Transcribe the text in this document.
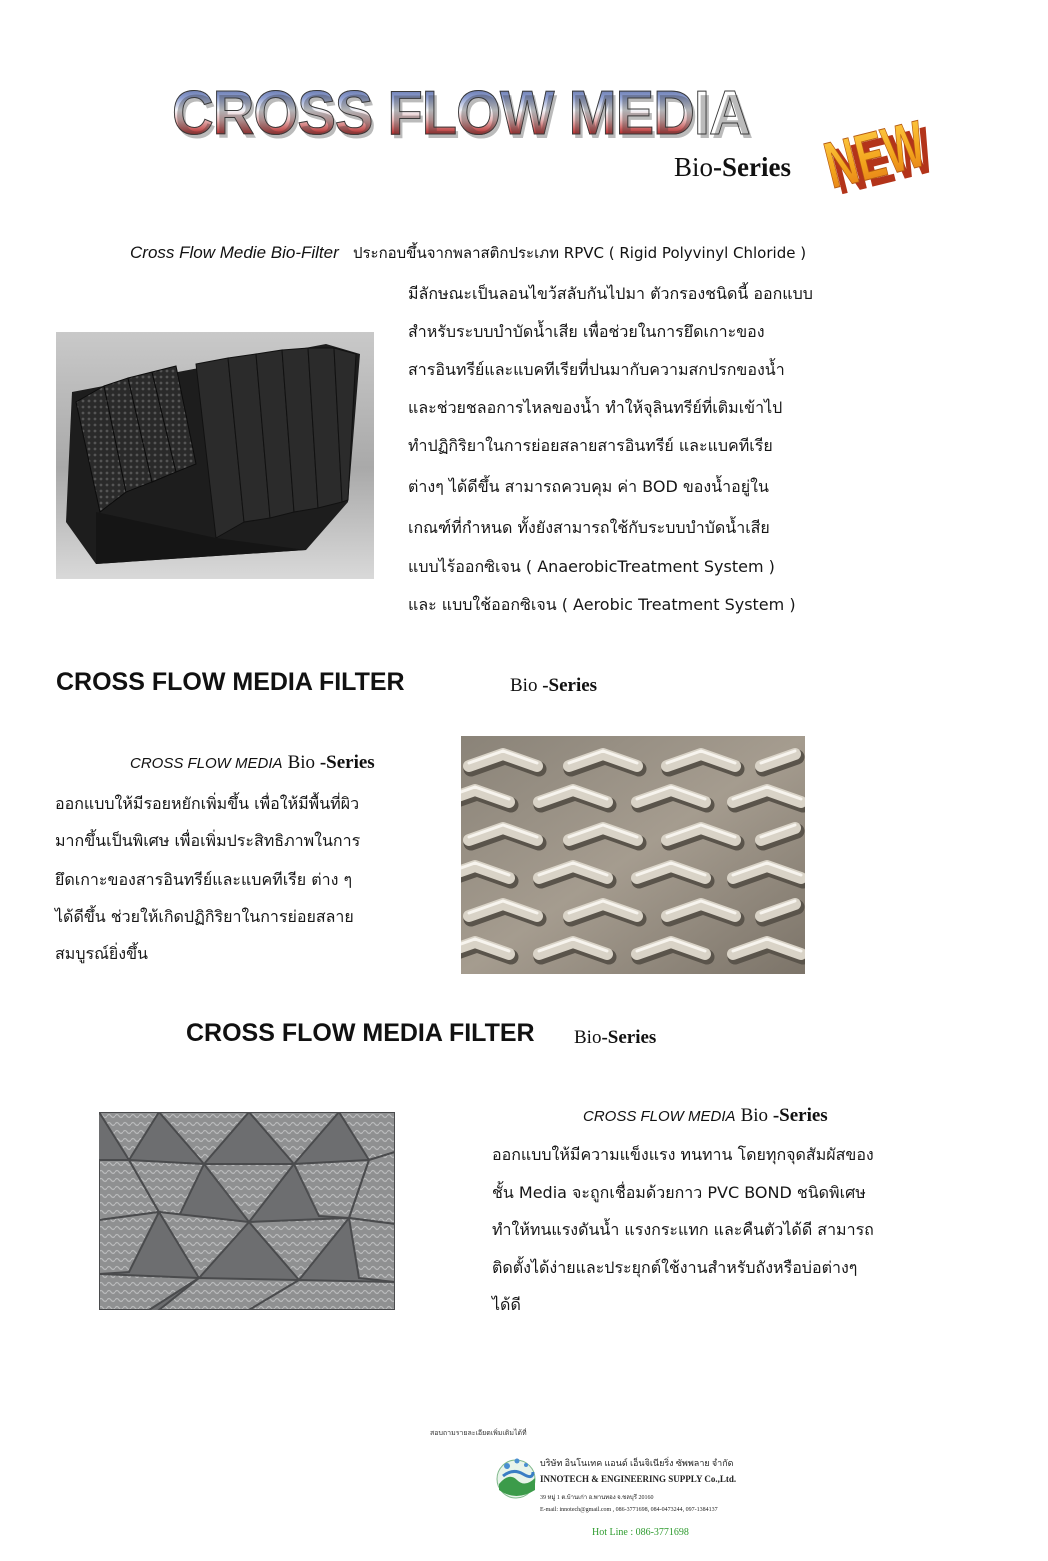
CROSS FLOW MEDIA
Bio-Series NEW
NEW
Cross Flow Medie Bio-Filter ประกอบขึ้นจากพลาสติกประเภท RPVC ( Rigid Polyvinyl Chloride )
มีลักษณะเป็นลอนไขว้สลับกันไปมา ตัวกรองชนิดนี้ ออกแบบ
สำหรับระบบบำบัดน้ำเสีย เพื่อช่วยในการยึดเกาะของ
สารอินทรีย์และแบคทีเรียที่ปนมากับความสกปรกของน้ำ
และช่วยชลอการไหลของน้ำ ทำให้จุลินทรีย์ที่เติมเข้าไป
ทำปฏิกิริยาในการย่อยสลายสารอินทรีย์ และแบคทีเรีย
ต่างๆ ได้ดีขึ้น สามารถควบคุม ค่า BOD ของน้ำอยู่ใน
เกณฑ์ที่กำหนด ทั้งยังสามารถใช้กับระบบบำบัดน้ำเสีย
แบบไร้ออกซิเจน ( AnaerobicTreatment System )
และ แบบใช้ออกซิเจน ( Aerobic Treatment System )
CROSS FLOW MEDIA FILTER	Bio -Series
CROSS FLOW MEDIA Bio -Series
ออกแบบให้มีรอยหยักเพิ่มขึ้น เพื่อให้มีพื้นที่ผิว
มากขึ้นเป็นพิเศษ เพื่อเพิ่มประสิทธิภาพในการ
ยึดเกาะของสารอินทรีย์และแบคทีเรีย ต่าง ๆ
ได้ดีขึ้น ช่วยให้เกิดปฏิกิริยาในการย่อยสลาย
สมบูรณ์ยิ่งขึ้น
CROSS FLOW MEDIA FILTER Bio-Series
CROSS FLOW MEDIA Bio -Series
ออกแบบให้มีความแข็งแรง ทนทาน โดยทุกจุดสัมผัสของ
ชั้น Media จะถูกเชื่อมด้วยกาว PVC BOND ชนิดพิเศษ
ทำให้ทนแรงดันน้ำ แรงกระแทก และคืนตัวได้ดี สามารถ
ติดตั้งได้ง่ายและประยุกต์ใช้งานสำหรับถังหรือบ่อต่างๆ
ได้ดี
สอบถามรายละเอียดเพิ่มเติมได้ที่
บริษัท อินโนเทค แอนด์ เอ็นจิเนียริ่ง ซัพพลาย จำกัด
INNOTECH & ENGINEERING SUPPLY Co.,Ltd.
39 หมู่ 1 ต.บ้านเก่า อ.พานทอง จ.ชลบุรี 20160
E-mail: innotech@gmail.com , 086-3771698, 084-0473244, 097-1384137
Hot Line : 086-3771698
